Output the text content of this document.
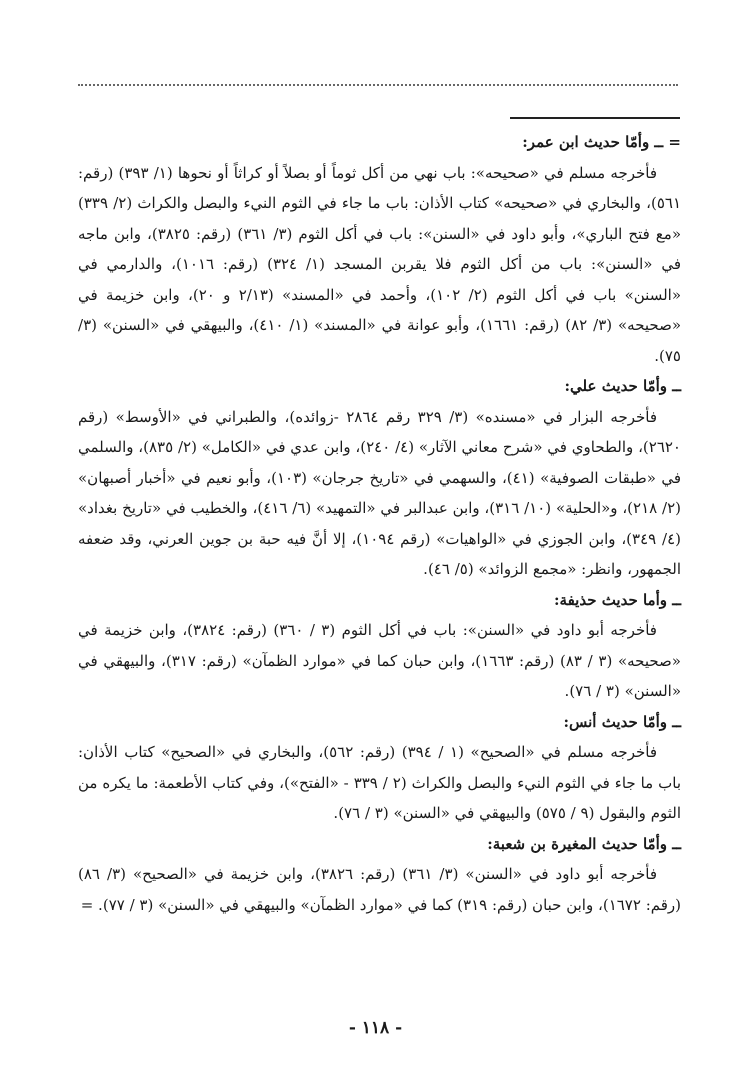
= ــ وأمّا حديث ابن عمر:

فأخرجه مسلم في «صحيحه»: باب نهي من أكل ثوماً أو بصلاً أو كراثاً أو نحوها (١/ ٣٩٣) (رقم: ٥٦١)، والبخاري في «صحيحه» كتاب الأذان: باب ما جاء في الثوم النيء والبصل والكراث (٢/ ٣٣٩) «مع فتح الباري»، وأبو داود في «السنن»: باب في أكل الثوم (٣/ ٣٦١) (رقم: ٣٨٢٥)، وابن ماجه في «السنن»: باب من أكل الثوم فلا يقربن المسجد (١/ ٣٢٤) (رقم: ١٠١٦)، والدارمي في «السنن» باب في أكل الثوم (٢/ ١٠٢)، وأحمد في «المسند» (٢/١٣ و ٢٠)، وابن خزيمة في «صحيحه» (٣/ ٨٢) (رقم: ١٦٦١)، وأبو عوانة في «المسند» (١/ ٤١٠)، والبيهقي في «السنن» (٣/ ٧٥).

ــ وأمّا حديث علي:

فأخرجه البزار في «مسنده» (٣/ ٣٢٩ رقم ٢٨٦٤ -زوائده)، والطبراني في «الأوسط» (رقم ٢٦٢٠)، والطحاوي في «شرح معاني الآثار» (٤/ ٢٤٠)، وابن عدي في «الكامل» (٢/ ٨٣٥)، والسلمي في «طبقات الصوفية» (٤١)، والسهمي في «تاريخ جرجان» (١٠٣)، وأبو نعيم في «أخبار أصبهان» (٢/ ٢١٨)، و«الحلية» (١٠/ ٣١٦)، وابن عبدالبر في «التمهيد» (٦/ ٤١٦)، والخطيب في «تاريخ بغداد» (٤/ ٣٤٩)، وابن الجوزي في «الواهيات» (رقم ١٠٩٤)، إلا أنَّ فيه حبة بن جوين العرني، وقد ضعفه الجمهور، وانظر: «مجمع الزوائد» (٥/ ٤٦).

ــ وأما حديث حذيفة:

فأخرجه أبو داود في «السنن»: باب في أكل الثوم (٣ / ٣٦٠) (رقم: ٣٨٢٤)، وابن خزيمة في «صحيحه» (٣ / ٨٣) (رقم: ١٦٦٣)، وابن حبان كما في «موارد الظمآن» (رقم: ٣١٧)، والبيهقي في «السنن» (٣ / ٧٦).

ــ وأمّا حديث أنس:

فأخرجه مسلم في «الصحيح» (١ / ٣٩٤) (رقم: ٥٦٢)، والبخاري في «الصحيح» كتاب الأذان: باب ما جاء في الثوم النيء والبصل والكراث (٢ / ٣٣٩ - «الفتح»)، وفي كتاب الأطعمة: ما يكره من الثوم والبقول (٩ / ٥٧٥) والبيهقي في «السنن» (٣ / ٧٦).

ــ وأمّا حديث المغيرة بن شعبة:

فأخرجه أبو داود في «السنن» (٣/ ٣٦١) (رقم: ٣٨٢٦)، وابن خزيمة في «الصحيح» (٣/ ٨٦) (رقم: ١٦٧٢)، وابن حبان (رقم: ٣١٩) كما في «موارد الظمآن» والبيهقي في «السنن» (٣ / ٧٧). =

- ١١٨ -
